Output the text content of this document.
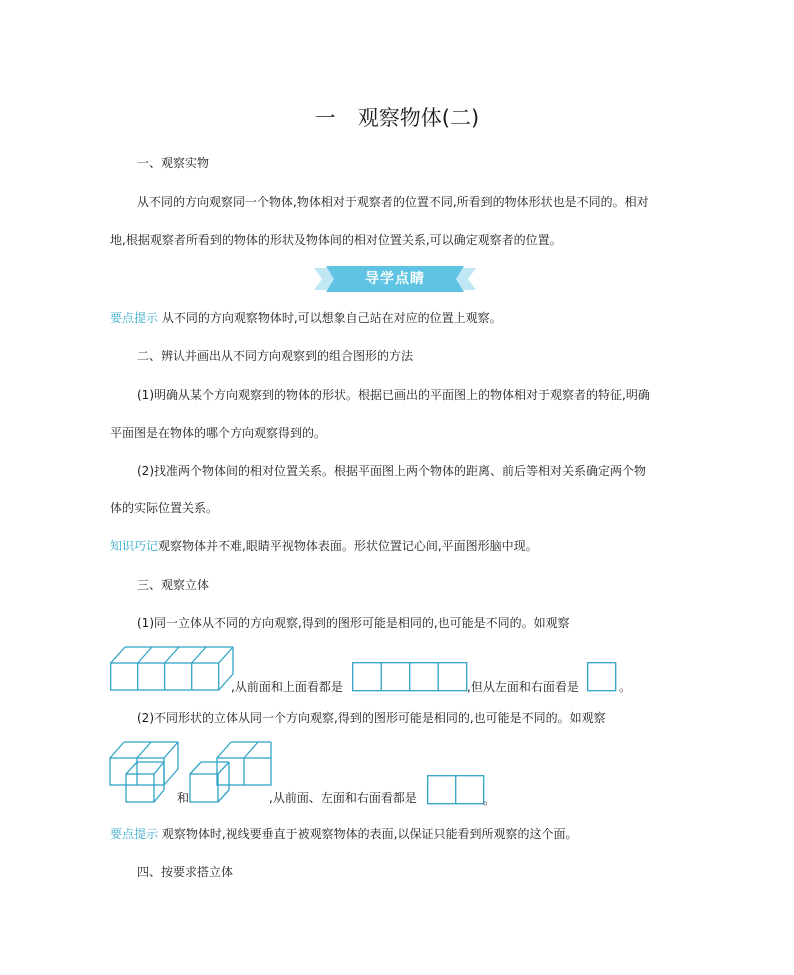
一 观察物体(二)
一、观察实物
从不同的方向观察同一个物体,物体相对于观察者的位置不同,所看到的物体形状也是不同的。相对
地,根据观察者所看到的物体的形状及物体间的相对位置关系,可以确定观察者的位置。
导学点睛
要点提示 从不同的方向观察物体时,可以想象自己站在对应的位置上观察。
二、辨认并画出从不同方向观察到的组合图形的方法
(1)明确从某个方向观察到的物体的形状。根据已画出的平面图上的物体相对于观察者的特征,明确
平面图是在物体的哪个方向观察得到的。
(2)找准两个物体间的相对位置关系。根据平面图上两个物体的距离、前后等相对关系确定两个物
体的实际位置关系。
知识巧记观察物体并不难,眼睛平视物体表面。形状位置记心间,平面图形脑中现。
三、观察立体
(1)同一立体从不同的方向观察,得到的图形可能是相同的,也可能是不同的。如观察
,从前面和上面看都是	,但从左面和右面看是	。
(2)不同形状的立体从同一个方向观察,得到的图形可能是相同的,也可能是不同的。如观察
和	,从前面、左面和右面看都是	。
要点提示 观察物体时,视线要垂直于被观察物体的表面,以保证只能看到所观察的这个面。
四、按要求搭立体
